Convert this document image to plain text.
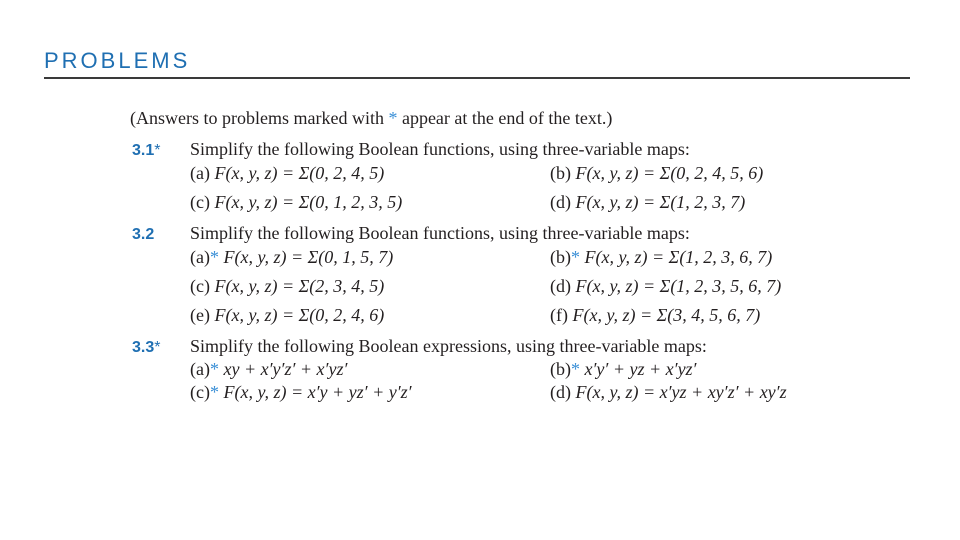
PROBLEMS
(Answers to problems marked with * appear at the end of the text.)
3.1* Simplify the following Boolean functions, using three-variable maps:
(a) F(x, y, z) = Σ(0, 2, 4, 5)	(b) F(x, y, z) = Σ(0, 2, 4, 5, 6)
(c) F(x, y, z) = Σ(0, 1, 2, 3, 5)	(d) F(x, y, z) = Σ(1, 2, 3, 7)
3.2 Simplify the following Boolean functions, using three-variable maps:
(a)* F(x, y, z) = Σ(0, 1, 5, 7)	(b)* F(x, y, z) = Σ(1, 2, 3, 6, 7)
(c) F(x, y, z) = Σ(2, 3, 4, 5)	(d) F(x, y, z) = Σ(1, 2, 3, 5, 6, 7)
(e) F(x, y, z) = Σ(0, 2, 4, 6)	(f) F(x, y, z) = Σ(3, 4, 5, 6, 7)
3.3* Simplify the following Boolean expressions, using three-variable maps:
(a)* xy + x′y′z′ + x′yz′	(b)* x′y′ + yz + x′yz′
(c)* F(x, y, z) = x′y + yz′ + y′z′	(d) F(x, y, z) = x′yz + xy′z′ + xy′z
